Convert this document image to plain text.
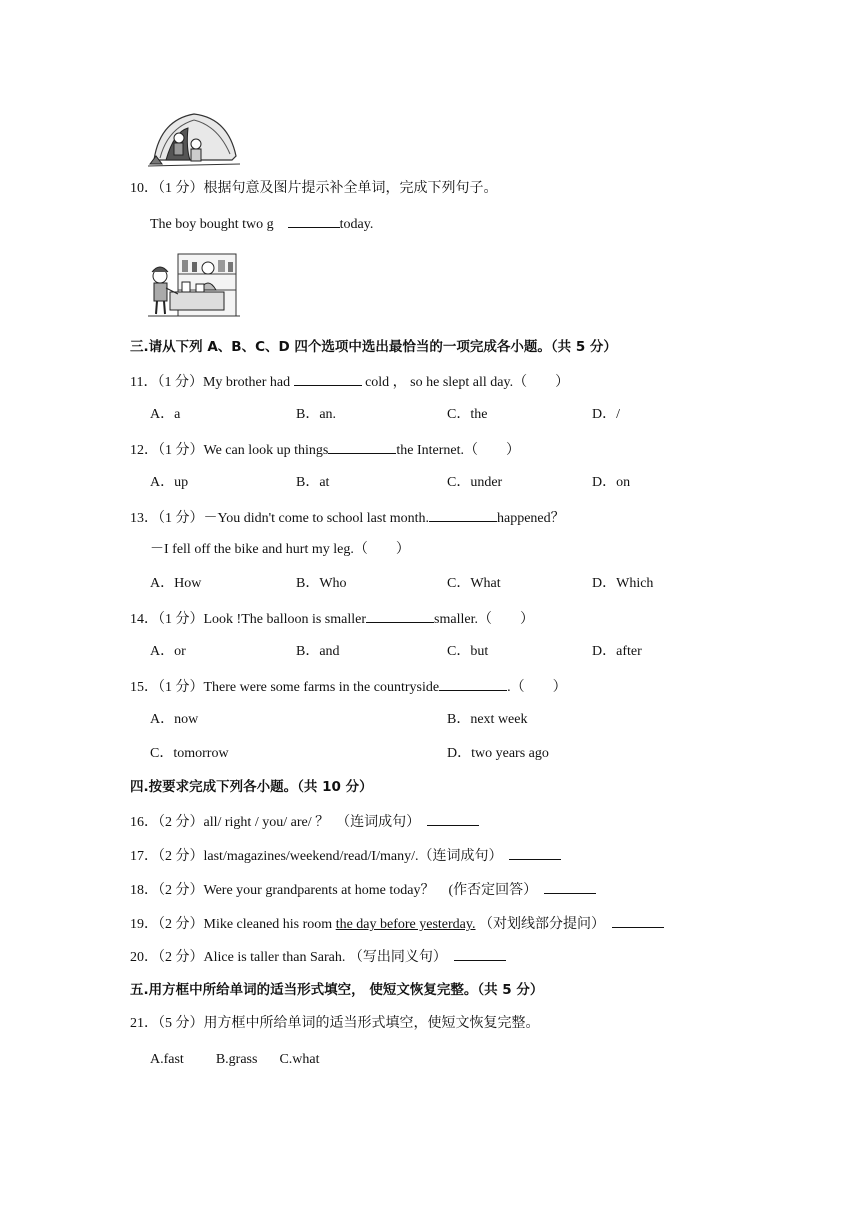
10．（1 分）根据句意及图片提示补全单词，完成下列句子。
The boy bought two g	today.
三.请从下列 A、B、C、D 四个选项中选出最恰当的一项完成各小题。（共 5 分）
11．（1 分）My brother had	cold ， so he slept all day.（　　）
A．a	B．an.	C．the	D．/
12．（1 分）We can look up things	the Internet.（　　）
A．up	B．at	C．under	D．on
13．（1 分）－You didn't come to school last month.	happened？
－I fell off the bike and hurt my leg.（　　）
A．How	B．Who	C．What	D．Which
14．（1 分）Look !The balloon is smaller	smaller.（　　）
A．or	B．and	C．but	D．after
15．（1 分）There were some farms in the countryside	.（　　）
A．now	B．next week
C．tomorrow	D．two years ago
四.按要求完成下列各小题。（共 10 分）
16．（2 分）all/ right / you/ are/ ？　（连词成句）
17．（2 分）last/magazines/weekend/read/I/many/.（连词成句）
18．（2 分）Were your grandparents at home today？　(作否定回答）
19．（2 分）Mike cleaned his room the day before yesterday. （对划线部分提问）
20．（2 分）Alice is taller than Sarah. （写出同义句）
五.用方框中所给单词的适当形式填空， 使短文恢复完整。（共 5 分）
21．（5 分）用方框中所给单词的适当形式填空，使短文恢复完整。
A.fast B.grass C.what
